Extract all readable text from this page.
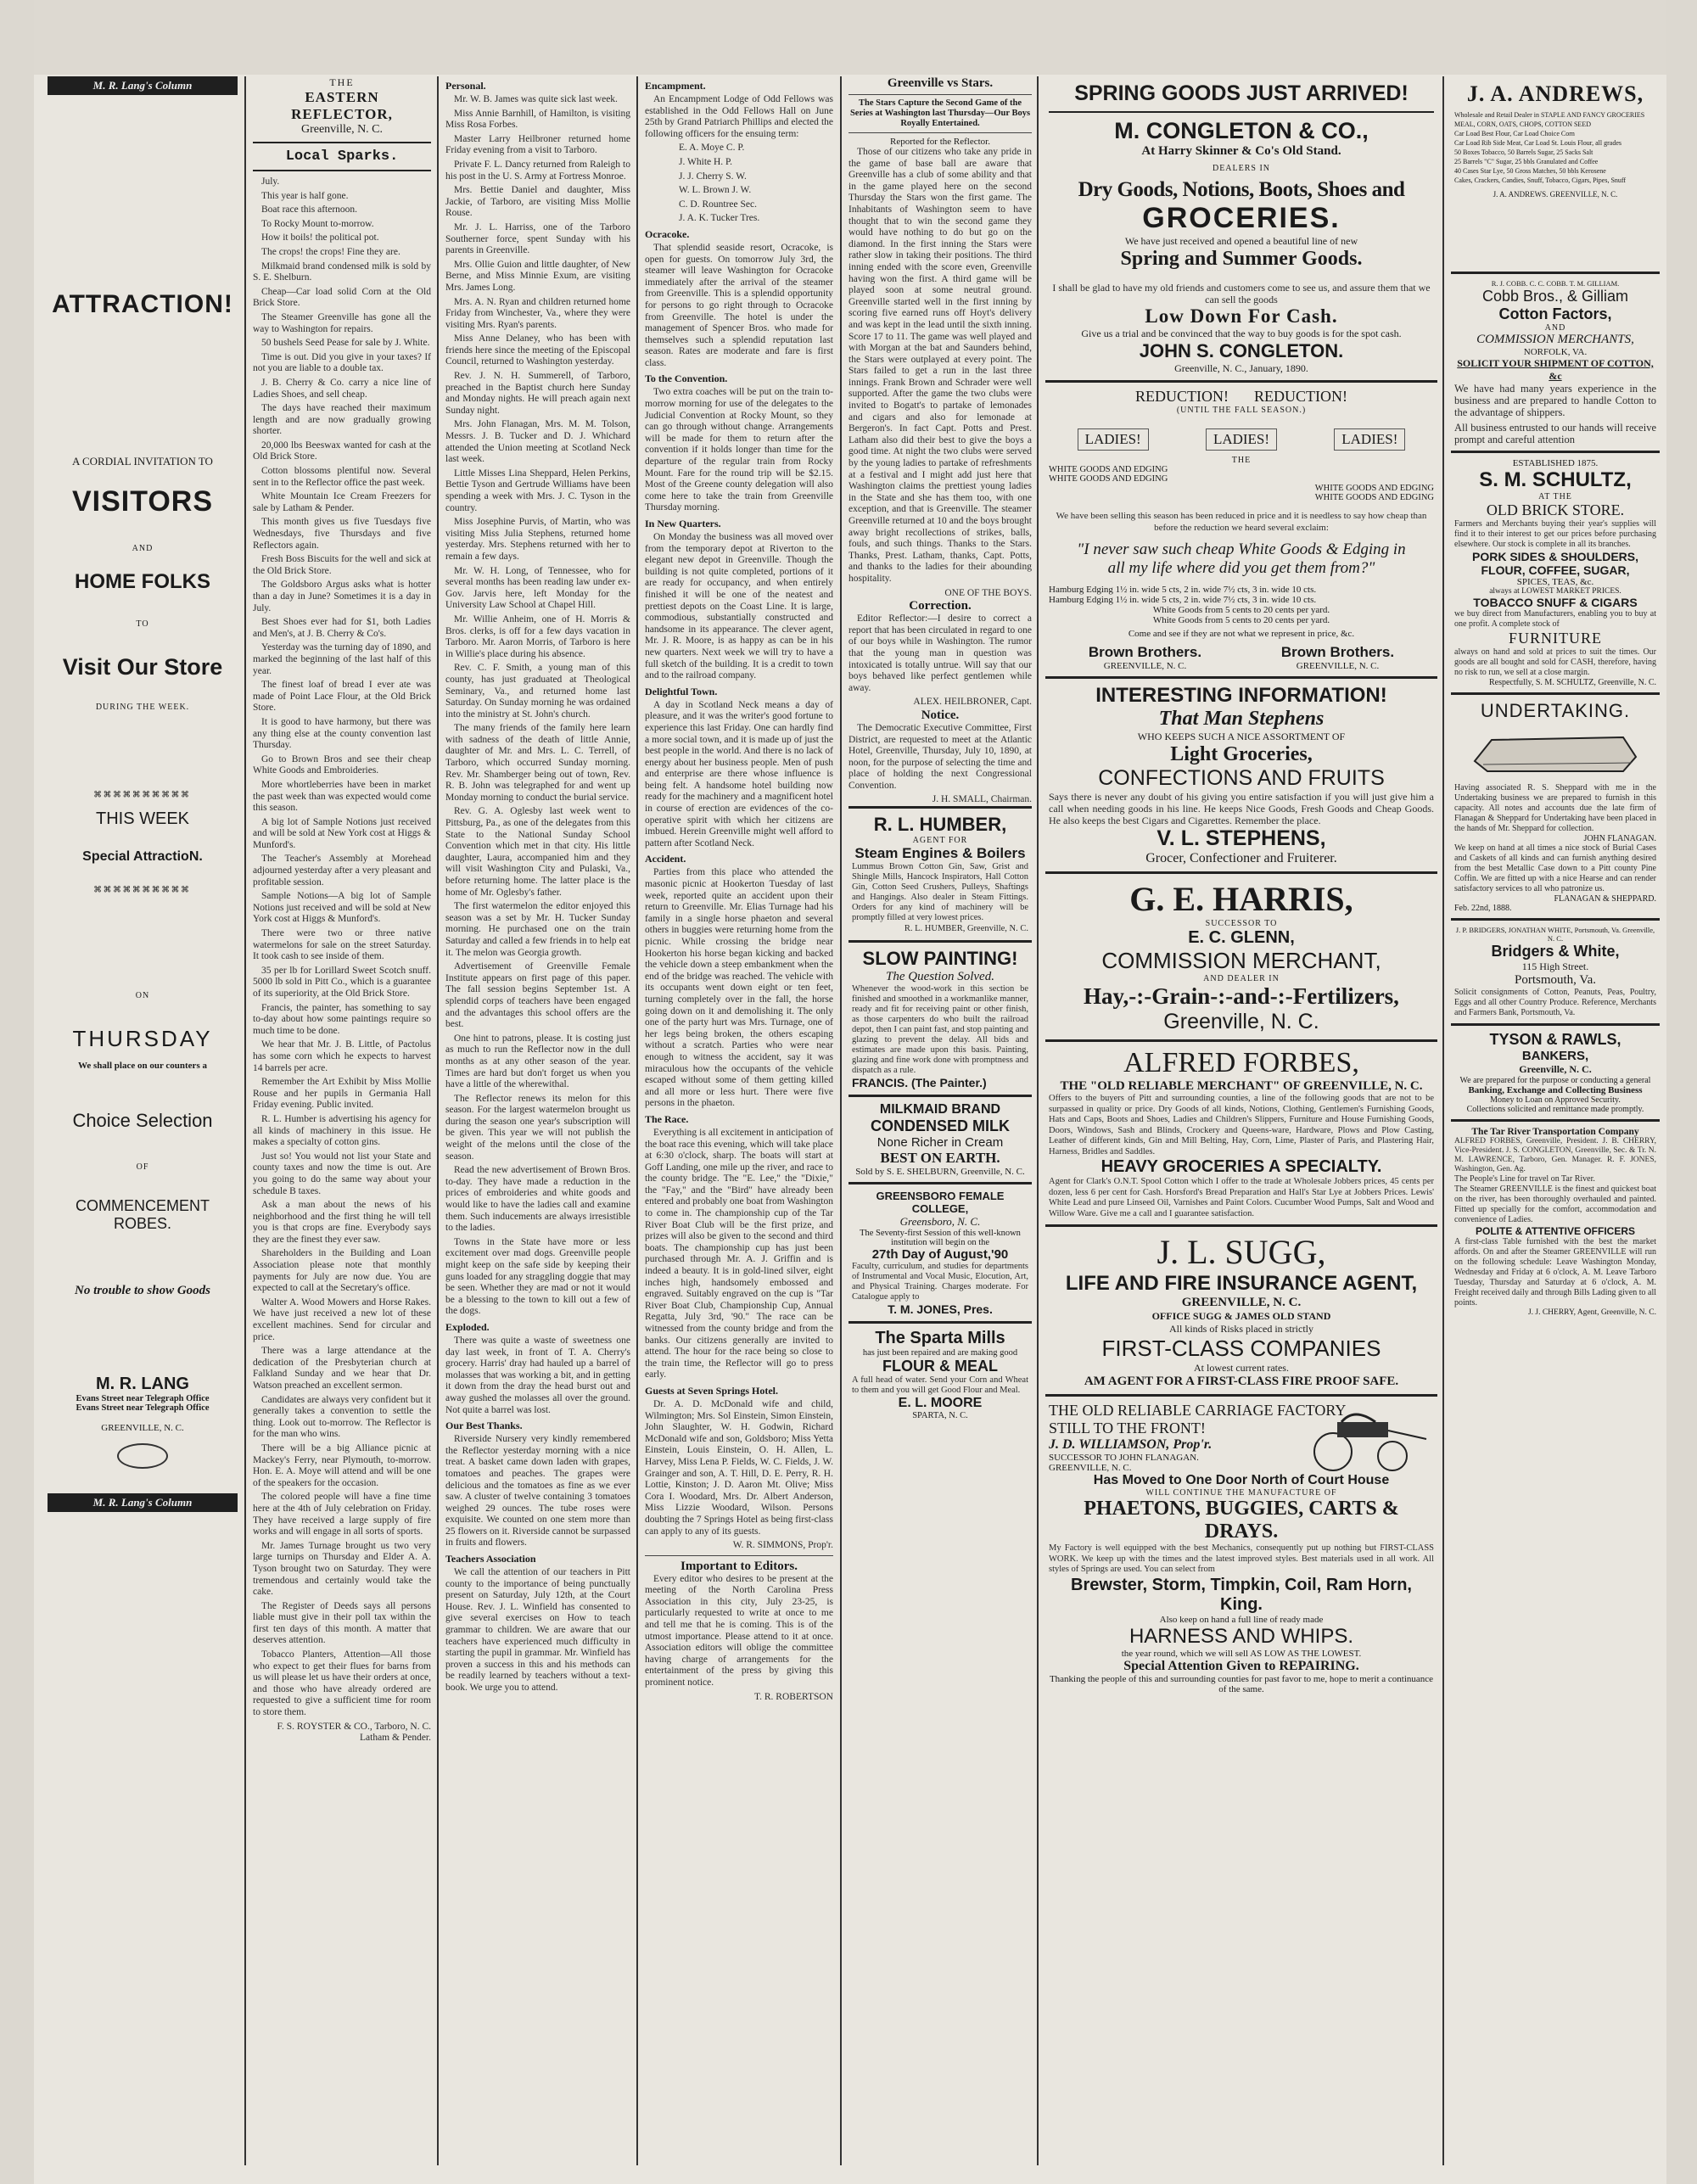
M. R. Lang's Column
ATTRACTION!
A CORDIAL INVITATION TO
VISITORS
AND
HOME FOLKS
TO
Visit Our Store
DURING THE WEEK.
⌘⌘⌘⌘⌘⌘⌘⌘⌘⌘
THIS WEEK
Special AttractioN.
⌘⌘⌘⌘⌘⌘⌘⌘⌘⌘
ON
THURSDAY
We shall place on our counters a
Choice Selection
OF
COMMENCEMENT ROBES.
No trouble to show Goods
M. R. LANG
Evans Street near Telegraph Office
Evans Street near Telegraph Office
GREENVILLE, N. C.
M. R. Lang's Column
THE
EASTERN REFLECTOR,
Greenville, N. C.
Local Sparks.

July.

This year is half gone.

Boat race this afternoon.

To Rocky Mount to-morrow.

How it boils! the political pot.

The crops! the crops! Fine they are.

Milkmaid brand condensed milk is sold by S. E. Shelburn.

Cheap—Car load solid Corn at the Old Brick Store.

The Steamer Greenville has gone all the way to Washington for repairs.

50 bushels Seed Pease for sale by J. White.

Time is out. Did you give in your taxes? If not you are liable to a double tax.

J. B. Cherry & Co. carry a nice line of Ladies Shoes, and sell cheap.

The days have reached their maximum length and are now gradually growing shorter.

20,000 lbs Beeswax wanted for cash at the Old Brick Store.

Cotton blossoms plentiful now. Several sent in to the Reflector office the past week.

White Mountain Ice Cream Freezers for sale by Latham & Pender.

This month gives us five Tuesdays five Wednesdays, five Thursdays and five Reflectors again.

Fresh Boss Biscuits for the well and sick at the Old Brick Store.

The Goldsboro Argus asks what is hotter than a day in June? Sometimes it is a day in July.

Best Shoes ever had for $1, both Ladies and Men's, at J. B. Cherry & Co's.

Yesterday was the turning day of 1890, and marked the beginning of the last half of this year.

The finest loaf of bread I ever ate was made of Point Lace Flour, at the Old Brick Store.

It is good to have harmony, but there was any thing else at the county convention last Thursday.

Go to Brown Bros and see their cheap White Goods and Embroideries.

More whortleberries have been in market the past week than was expected would come this season.

A big lot of Sample Notions just received and will be sold at New York cost at Higgs & Munford's.

The Teacher's Assembly at Morehead adjourned yesterday after a very pleasant and profitable session.

Sample Notions—A big lot of Sample Notions just received and will be sold at New York cost at Higgs & Munford's.

There were two or three native watermelons for sale on the street Saturday. It took cash to see inside of them.

35 per lb for Lorillard Sweet Scotch snuff. 5000 lb sold in Pitt Co., which is a guarantee of its superiority, at the Old Brick Store.

Francis, the painter, has something to say to-day about how some paintings require so much time to be done.

We hear that Mr. J. B. Little, of Pactolus has some corn which he expects to harvest 14 barrels per acre.

Remember the Art Exhibit by Miss Mollie Rouse and her pupils in Germania Hall Friday evening. Public invited.

R. L. Humber is advertising his agency for all kinds of machinery in this issue. He makes a specialty of cotton gins.

Just so! You would not list your State and county taxes and now the time is out. Are you going to do the same way about your schedule B taxes.

Ask a man about the news of his neighborhood and the first thing he will tell you is that crops are fine. Everybody says they are the finest they ever saw.

Shareholders in the Building and Loan Association please note that monthly payments for July are now due. You are expected to call at the Secretary's office.

Walter A. Wood Mowers and Horse Rakes. We have just received a new lot of these excellent machines. Send for circular and price.

There was a large attendance at the dedication of the Presbyterian church at Falkland Sunday and we hear that Dr. Watson preached an excellent sermon.

Candidates are always very confident but it generally takes a convention to settle the thing. Look out to-morrow. The Reflector is for the man who wins.

There will be a big Alliance picnic at Mackey's Ferry, near Plymouth, to-morrow. Hon. E. A. Moye will attend and will be one of the speakers for the occasion.

The colored people will have a fine time here at the 4th of July celebration on Friday. They have received a large supply of fire works and will engage in all sorts of sports.

Mr. James Turnage brought us two very large turnips on Thursday and Elder A. A. Tyson brought two on Saturday. They were tremendous and certainly would take the cake.

The Register of Deeds says all persons liable must give in their poll tax within the first ten days of this month. A matter that deserves attention.

Tobacco Planters, Attention—All those who expect to get their flues for barns from us will please let us have their orders at once, and those who have already ordered are requested to give a sufficient time for room to store them.

F. S. ROYSTER & CO., Tarboro, N. C.
Latham & Pender.
Personal.

Mr. W. B. James was quite sick last week.

Miss Annie Barnhill, of Hamilton, is visiting Miss Rosa Forbes.

Master Larry Heilbroner returned home Friday evening from a visit to Tarboro.

Private F. L. Dancy returned from Raleigh to his post in the U. S. Army at Fortress Monroe.

Mrs. Bettie Daniel and daughter, Miss Jackie, of Tarboro, are visiting Miss Mollie Rouse.

Mr. J. L. Harriss, one of the Tarboro Southerner force, spent Sunday with his parents in Greenville.

Mrs. Ollie Guion and little daughter, of New Berne, and Miss Minnie Exum, are visiting Mrs. James Long.

Mrs. A. N. Ryan and children returned home Friday from Winchester, Va., where they were visiting Mrs. Ryan's parents.

Miss Anne Delaney, who has been with friends here since the meeting of the Episcopal Council, returned to Washington yesterday.

Rev. J. N. H. Summerell, of Tarboro, preached in the Baptist church here Sunday and Monday nights. He will preach again next Sunday night.

Mrs. John Flanagan, Mrs. M. M. Tolson, Messrs. J. B. Tucker and D. J. Whichard attended the Union meeting at Scotland Neck last week.

Little Misses Lina Sheppard, Helen Perkins, Bettie Tyson and Gertrude Williams have been spending a week with Mrs. J. C. Tyson in the country.

Miss Josephine Purvis, of Martin, who was visiting Miss Julia Stephens, returned home yesterday. Mrs. Stephens returned with her to remain a few days.

Mr. W. H. Long, of Tennessee, who for several months has been reading law under ex-Gov. Jarvis here, left Monday for the University Law School at Chapel Hill.

Mr. Willie Anheim, one of H. Morris & Bros. clerks, is off for a few days vacation in Tarboro. Mr. Aaron Morris, of Tarboro is here in Willie's place during his absence.

Rev. C. F. Smith, a young man of this county, has just graduated at Theological Seminary, Va., and returned home last Saturday. On Sunday morning he was ordained into the ministry at St. John's church.

The many friends of the family here learn with sadness of the death of little Annie, daughter of Mr. and Mrs. L. C. Terrell, of Tarboro, which occurred Sunday morning. Rev. Mr. Shamberger being out of town, Rev. R. B. John was telegraphed for and went up Monday morning to conduct the burial service.

Rev. G. A. Oglesby last week went to Pittsburg, Pa., as one of the delegates from this State to the National Sunday School Convention which met in that city. His little daughter, Laura, accompanied him and they will visit Washington City and Pulaski, Va., before returning home. The latter place is the home of Mr. Oglesby's father.

The first watermelon the editor enjoyed this season was a set by Mr. H. Tucker Sunday morning. He purchased one on the train Saturday and called a few friends in to help eat it. The melon was Georgia growth.

Advertisement of Greenville Female Institute appears on first page of this paper. The fall session begins September 1st. A splendid corps of teachers have been engaged and the advantages this school offers are the best.

One hint to patrons, please. It is costing just as much to run the Reflector now in the dull months as at any other season of the year. Times are hard but don't forget us when you have a little of the wherewithal.

The Reflector renews its melon for this season. For the largest watermelon brought us during the season one year's subscription will be given. This year we will not publish the weight of the melons until the close of the season.

Read the new advertisement of Brown Bros. to-day. They have made a reduction in the prices of embroideries and white goods and would like to have the ladies call and examine them. Such inducements are always irresistible to the ladies.

Towns in the State have more or less excitement over mad dogs. Greenville people might keep on the safe side by keeping their guns loaded for any straggling doggie that may be seen. Whether they are mad or not it would be a blessing to the town to kill out a few of the dogs.

Exploded.

There was quite a waste of sweetness one day last week, in front of T. A. Cherry's grocery. Harris' dray had hauled up a barrel of molasses that was working a bit, and in getting it down from the dray the head burst out and away gushed the molasses all over the ground. Not quite a barrel was lost.

Our Best Thanks.

Riverside Nursery very kindly remembered the Reflector yesterday morning with a nice treat. A basket came down laden with grapes, tomatoes and peaches. The grapes were delicious and the tomatoes as fine as we ever saw. A cluster of twelve containing 3 tomatoes weighed 29 ounces. The tube roses were exquisite. We counted on one stem more than 25 flowers on it. Riverside cannot be surpassed in fruits and flowers.

Teachers Association

We call the attention of our teachers in Pitt county to the importance of being punctually present on Saturday, July 12th, at the Court House. Rev. J. L. Winfield has consented to give several exercises on How to teach grammar to children. We are aware that our teachers have experienced much difficulty in starting the pupil in grammar. Mr. Winfield has proven a success in this and his methods can be readily learned by teachers without a text-book. We urge you to attend.

Encampment.

An Encampment Lodge of Odd Fellows was established in the Odd Fellows Hall on June 25th by Grand Patriarch Phillips and elected the following officers for the ensuing term:

E. A. Moye C. P.

J. White H. P.

J. J. Cherry S. W.

W. L. Brown J. W.

C. D. Rountree Sec.

J. A. K. Tucker Tres.

Ocracoke.

That splendid seaside resort, Ocracoke, is open for guests. On tomorrow July 3rd, the steamer will leave Washington for Ocracoke immediately after the arrival of the steamer from Greenville. This is a splendid opportunity for persons to go right through to Ocracoke from Greenville. The hotel is under the management of Spencer Bros. who made for themselves such a splendid reputation last season. Rates are moderate and fare is first class.

To the Convention.

Two extra coaches will be put on the train to-morrow morning for use of the delegates to the Judicial Convention at Rocky Mount, so they can go through without change. Arrangements will be made for them to return after the convention if it holds longer than time for the departure of the regular train from Rocky Mount. Fare for the round trip will be $2.15. Most of the Greene county delegation will also come here to take the train from Greenville Thursday morning.

In New Quarters.

On Monday the business was all moved over from the temporary depot at Riverton to the elegant new depot in Greenville. Though the building is not quite completed, portions of it are ready for occupancy, and when entirely finished it will be one of the neatest and prettiest depots on the Coast Line. It is large, commodious, substantially constructed and handsome in its appearance. The clever agent, Mr. J. R. Moore, is as happy as can be in his new quarters. Next week we will try to have a full sketch of the building. It is a credit to town and to the railroad company.

Delightful Town.

A day in Scotland Neck means a day of pleasure, and it was the writer's good fortune to experience this last Friday. One can hardly find a more social town, and it is made up of just the best people in the world. And there is no lack of energy about her business people. Men of push and enterprise are there whose influence is being felt. A handsome hotel building now ready for the machinery and a magnificent hotel in course of erection are evidences of the co-operative spirit with which her citizens are imbued. Herein Greenville might well afford to pattern after Scotland Neck.

Accident.

Parties from this place who attended the masonic picnic at Hookerton Tuesday of last week, reported quite an accident upon their return to Greenville. Mr. Elias Turnage had his family in a single horse phaeton and several others in buggies were returning home from the picnic. While crossing the bridge near Hookerton his horse began kicking and backed the vehicle down a steep embankment when the end of the bridge was reached. The vehicle with its occupants went down eight or ten feet, turning completely over in the fall, the horse going down on it and demolishing it. The only one of the party hurt was Mrs. Turnage, one of her legs being broken, the others escaping without a scratch. Parties who were near enough to witness the accident, say it was miraculous how the occupants of the vehicle escaped without some of them getting killed and all more or less hurt. There were five persons in the phaeton.

The Race.

Everything is all excitement in anticipation of the boat race this evening, which will take place at 6:30 o'clock, sharp. The boats will start at Goff Landing, one mile up the river, and race to the county bridge. The "E. Lee," the "Dixie," the "Fay," and the "Bird" have already been entered and probably one boat from Washington to come in. The championship cup of the Tar River Boat Club will be the first prize, and prizes will also be given to the second and third boats. The championship cup has just been purchased through Mr. A. J. Griffin and is indeed a beauty. It is in gold-lined silver, eight inches high, handsomely embossed and engraved. Suitably engraved on the cup is "Tar River Boat Club, Championship Cup, Annual Regatta, July 3rd, '90." The race can be witnessed from the county bridge and from the banks. Our citizens generally are invited to attend. The hour for the race being so close to the train time, the Reflector will go to press early.

Guests at Seven Springs Hotel.

Dr. A. D. McDonald wife and child, Wilmington; Mrs. Sol Einstein, Simon Einstein, John Slaughter, W. H. Godwin, Richard McDonald wife and son, Goldsboro; Miss Yetta Einstein, Louis Einstein, O. H. Allen, L. Harvey, Miss Lena P. Fields, W. C. Fields, J. W. Grainger and son, A. T. Hill, D. E. Perry, R. H. Lottie, Kinston; J. D. Aaron Mt. Olive; Miss Cora I. Woodard, Mrs. Dr. Albert Anderson, Miss Lizzie Woodard, Wilson. Persons doubting the 7 Springs Hotel as being first-class can apply to any of its guests.

W. R. SIMMONS, Prop'r.
Important to Editors.

Every editor who desires to be present at the meeting of the North Carolina Press Association in this city, July 23-25, is particularly requested to write at once to me and tell me that he is coming. This is of the utmost importance. Please attend to it at once. Association editors will oblige the committee having charge of arrangements for the entertainment of the press by giving this prominent notice.

T. R. ROBERTSON
Greenville vs Stars.
The Stars Capture the Second Game of the Series at Washington last Thursday—Our Boys Royally Entertained.
Reported for the Reflector.

Those of our citizens who take any pride in the game of base ball are aware that Greenville has a club of some ability and that in the game played here on the second Thursday the Stars won the first game. The Inhabitants of Washington seem to have thought that to win the second game they would have nothing to do but go on the diamond. In the first inning the Stars were rather slow in taking their positions. The third inning ended with the score even, Greenville having won the first. A third game will be played soon at some neutral ground. Greenville started well in the first inning by scoring five earned runs off Hoyt's delivery and was kept in the lead until the sixth inning. Score 17 to 11. The game was well played and with Morgan at the bat and Saunders behind, the Stars were outplayed at every point. The Stars failed to get a run in the last three innings. Frank Brown and Schrader were well supported. After the game the two clubs were invited to Bogatt's to partake of lemonades and cigars and also for lemonade at Bergeron's. In fact Capt. Potts and Prest. Latham also did their best to give the boys a good time. At night the two clubs were served by the young ladies to partake of refreshments at a festival and I might add just here that Washington claims the prettiest young ladies in the State and she has them too, with one exception, and that is Greenville. The steamer Greenville returned at 10 and the boys brought away bright recollections of strikes, balls, fouls, and such things. Thanks to the Stars. Thanks, Prest. Latham, thanks, Capt. Potts, and thanks to the ladies for their abounding hospitality.

ONE OF THE BOYS.
Correction.

Editor Reflector:—I desire to correct a report that has been circulated in regard to one of our boys while in Washington. The rumor that the young man in question was intoxicated is totally untrue. Will say that our boys behaved like perfect gentlemen while away.

ALEX. HEILBRONER, Capt.
Notice.

The Democratic Executive Committee, First District, are requested to meet at the Atlantic Hotel, Greenville, Thursday, July 10, 1890, at noon, for the purpose of selecting the time and place of holding the next Congressional Convention.

J. H. SMALL, Chairman.
R. L. HUMBER,
AGENT FOR
Steam Engines & Boilers
Lummus Brown Cotton Gin, Saw, Grist and Shingle Mills, Hancock Inspirators, Hall Cotton Gin, Cotton Seed Crushers, Pulleys, Shaftings and Hangings. Also dealer in Steam Fittings. Orders for any kind of machinery will be promptly filled at very lowest prices.
R. L. HUMBER, Greenville, N. C.
SLOW PAINTING!
The Question Solved.
Whenever the wood-work in this section be finished and smoothed in a workmanlike manner, ready and fit for receiving paint or other finish, as those carpenters do who built the railroad depot, then I can paint fast, and stop painting and glazing to prevent the delay. All bids and estimates are made upon this basis. Painting, glazing and fine work done with promptness and dispatch as a rule.
FRANCIS. (The Painter.)
MILKMAID BRAND
CONDENSED MILK
None Richer in Cream
BEST ON EARTH.
Sold by S. E. SHELBURN, Greenville, N. C.
GREENSBORO FEMALE COLLEGE,
Greensboro, N. C.
The Seventy-first Session of this well-known institution will begin on the
27th Day of August,'90
Faculty, curriculum, and studies for departments of Instrumental and Vocal Music, Elocution, Art, and Physical Training. Charges moderate. For Catalogue apply to
T. M. JONES, Pres.
The Sparta Mills
has just been repaired and are making good
FLOUR & MEAL
A full head of water. Send your Corn and Wheat to them and you will get Good Flour and Meal.
E. L. MOORE
SPARTA, N. C.
SPRING GOODS JUST ARRIVED!
M. CONGLETON & CO.,
At Harry Skinner & Co's Old Stand.
DEALERS IN
Dry Goods, Notions, Boots, Shoes and
GROCERIES.
We have just received and opened a beautiful line of new
Spring and Summer Goods.
I shall be glad to have my old friends and customers come to see us, and assure them that we can sell the goods
Low Down For Cash.
Give us a trial and be convinced that the way to buy goods is for the spot cash.
JOHN S. CONGLETON.
Greenville, N. C., January, 1890.
REDUCTION! REDUCTION!
(UNTIL THE FALL SEASON.)
LADIES!	LADIES!	LADIES!
THE
WHITE GOODS AND EDGING
WHITE GOODS AND EDGING
WHITE GOODS AND EDGING
WHITE GOODS AND EDGING
We have been selling this season has been reduced in price and it is needless to say how cheap than before the reduction we heard several exclaim:
"I never saw such cheap White Goods & Edging in all my life where did you get them from?"
Hamburg Edging 1½ in. wide 5 cts, 2 in. wide 7½ cts, 3 in. wide 10 cts.
Hamburg Edging 1½ in. wide 5 cts, 2 in. wide 7½ cts, 3 in. wide 10 cts.
White Goods from 5 cents to 20 cents per yard.
White Goods from 5 cents to 20 cents per yard.
Come and see if they are not what we represent in price, &c.
Brown Brothers.
GREENVILLE, N. C.
Brown Brothers.
GREENVILLE, N. C.
INTERESTING INFORMATION!
That Man Stephens
WHO KEEPS SUCH A NICE ASSORTMENT OF
Light Groceries,
CONFECTIONS AND FRUITS
Says there is never any doubt of his giving you entire satisfaction if you will just give him a call when needing goods in his line. He keeps Nice Goods, Fresh Goods and Cheap Goods. He also keeps the best Cigars and Cigarettes. Remember the place.
V. L. STEPHENS,
Grocer, Confectioner and Fruiterer.
G. E. HARRIS,
SUCCESSOR TO
E. C. GLENN,
COMMISSION MERCHANT,
AND DEALER IN
Hay,-:-Grain-:-and-:-Fertilizers,
Greenville, N. C.
ALFRED FORBES,
THE "OLD RELIABLE MERCHANT" OF GREENVILLE, N. C.
Offers to the buyers of Pitt and surrounding counties, a line of the following goods that are not to be surpassed in quality or price. Dry Goods of all kinds, Notions, Clothing, Gentlemen's Furnishing Goods, Hats and Caps, Boots and Shoes, Ladies and Children's Slippers, Furniture and House Furnishing Goods, Doors, Windows, Sash and Blinds, Crockery and Queens-ware, Hardware, Plows and Plow Casting, Leather of different kinds, Gin and Mill Belting, Hay, Corn, Lime, Plaster of Paris, and Plastering Hair, Harness, Bridles and Saddles.
HEAVY GROCERIES A SPECIALTY.
Agent for Clark's O.N.T. Spool Cotton which I offer to the trade at Wholesale Jobbers prices, 45 cents per dozen, less 6 per cent for Cash. Horsford's Bread Preparation and Hall's Star Lye at Jobbers Prices. Lewis' White Lead and pure Linseed Oil, Varnishes and Paint Colors. Cucumber Wood Pumps, Salt and Wood and Willow Ware. Give me a call and I guarantee satisfaction.
J. L. SUGG,
LIFE AND FIRE INSURANCE AGENT,
GREENVILLE, N. C.
OFFICE SUGG & JAMES OLD STAND
All kinds of Risks placed in strictly
FIRST-CLASS COMPANIES
At lowest current rates.
AM AGENT FOR A FIRST-CLASS FIRE PROOF SAFE.
THE OLD RELIABLE CARRIAGE FACTORY
STILL TO THE FRONT!
J. D. WILLIAMSON, Prop'r.
SUCCESSOR TO JOHN FLANAGAN.
GREENVILLE, N. C.
Has Moved to One Door North of Court House
WILL CONTINUE THE MANUFACTURE OF
PHAETONS, BUGGIES, CARTS & DRAYS.
My Factory is well equipped with the best Mechanics, consequently put up nothing but FIRST-CLASS WORK. We keep up with the times and the latest improved styles. Best materials used in all work. All styles of Springs are used. You can select from
Brewster, Storm, Timpkin, Coil, Ram Horn, King.
Also keep on hand a full line of ready made
HARNESS AND WHIPS.
the year round, which we will sell AS LOW AS THE LOWEST.
Special Attention Given to REPAIRING.
Thanking the people of this and surrounding counties for past favor to me, hope to merit a continuance of the same.
J. A. ANDREWS,

Wholesale and Retail Dealer in STAPLE AND FANCY GROCERIES

MEAL, CORN, OATS, CHOPS, COTTON SEED

Car Load Best Flour, Car Load Choice Corn

Car Load Rib Side Meat, Car Load St. Louis Flour, all grades

50 Boxes Tobacco, 50 Barrels Sugar, 25 Sacks Salt

25 Barrels "C" Sugar, 25 bbls Granulated and Coffee

40 Cases Star Lye, 50 Gross Matches, 50 bbls Kerosene

Cakes, Crackers, Candies, Snuff, Tobacco, Cigars, Pipes, Snuff

J. A. ANDREWS. GREENVILLE, N. C.
R. J. COBB. C. C. COBB. T. M. GILLIAM.
Cobb Bros., & Gilliam
Cotton Factors,
AND
COMMISSION MERCHANTS,
NORFOLK, VA.
SOLICIT YOUR SHIPMENT OF COTTON, &c
We have had many years experience in the business and are prepared to handle Cotton to the advantage of shippers.
All business entrusted to our hands will receive prompt and careful attention
ESTABLISHED 1875.
S. M. SCHULTZ,
AT THE
OLD BRICK STORE.
Farmers and Merchants buying their year's supplies will find it to their interest to get our prices before purchasing elsewhere. Our stock is complete in all its branches.
PORK SIDES & SHOULDERS,
FLOUR, COFFEE, SUGAR,
SPICES, TEAS, &c.
always at LOWEST MARKET PRICES.
TOBACCO SNUFF & CIGARS
we buy direct from Manufacturers, enabling you to buy at one profit. A complete stock of
FURNITURE
always on hand and sold at prices to suit the times. Our goods are all bought and sold for CASH, therefore, having no risk to run, we sell at a close margin.
Respectfully, S. M. SCHULTZ, Greenville, N. C.
UNDERTAKING.
Having associated R. S. Sheppard with me in the Undertaking business we are prepared to furnish in this capacity. All notes and accounts due the late firm of Flanagan & Sheppard for Undertaking have been placed in the hands of Mr. Sheppard for collection.
JOHN FLANAGAN.
We keep on hand at all times a nice stock of Burial Cases and Caskets of all kinds and can furnish anything desired from the best Metallic Case down to a Pitt county Pine Coffin. We are fitted up with a nice Hearse and can render satisfactory services to all who patronize us.
FLANAGAN & SHEPPARD.
Feb. 22nd, 1888.
J. P. BRIDGERS, JONATHAN WHITE, Portsmouth, Va. Greenville, N. C.
Bridgers & White,
115 High Street.
Portsmouth, Va.
Solicit consignments of Cotton, Peanuts, Peas, Poultry, Eggs and all other Country Produce. Reference, Merchants and Farmers Bank, Portsmouth, Va.
TYSON & RAWLS,
BANKERS,
Greenville, N. C.
We are prepared for the purpose or conducting a general
Banking, Exchange and Collecting Business
Money to Loan on Approved Security.
Collections solicited and remittance made promptly.
The Tar River Transportation Company
ALFRED FORBES, Greenville, President. J. B. CHERRY, Vice-President. J. S. CONGLETON, Greenville, Sec. & Tr. N. M. LAWRENCE, Tarboro, Gen. Manager. R. F. JONES, Washington, Gen. Ag.
The People's Line for travel on Tar River.
The Steamer GREENVILLE is the finest and quickest boat on the river, has been thoroughly overhauled and painted. Fitted up specially for the comfort, accommodation and convenience of Ladies.
POLITE & ATTENTIVE OFFICERS
A first-class Table furnished with the best the market affords. On and after the Steamer GREENVILLE will run on the following schedule: Leave Washington Monday, Wednesday and Friday at 6 o'clock, A. M. Leave Tarboro Tuesday, Thursday and Saturday at 6 o'clock, A. M. Freight received daily and through Bills Lading given to all points.
J. J. CHERRY, Agent, Greenville, N. C.
